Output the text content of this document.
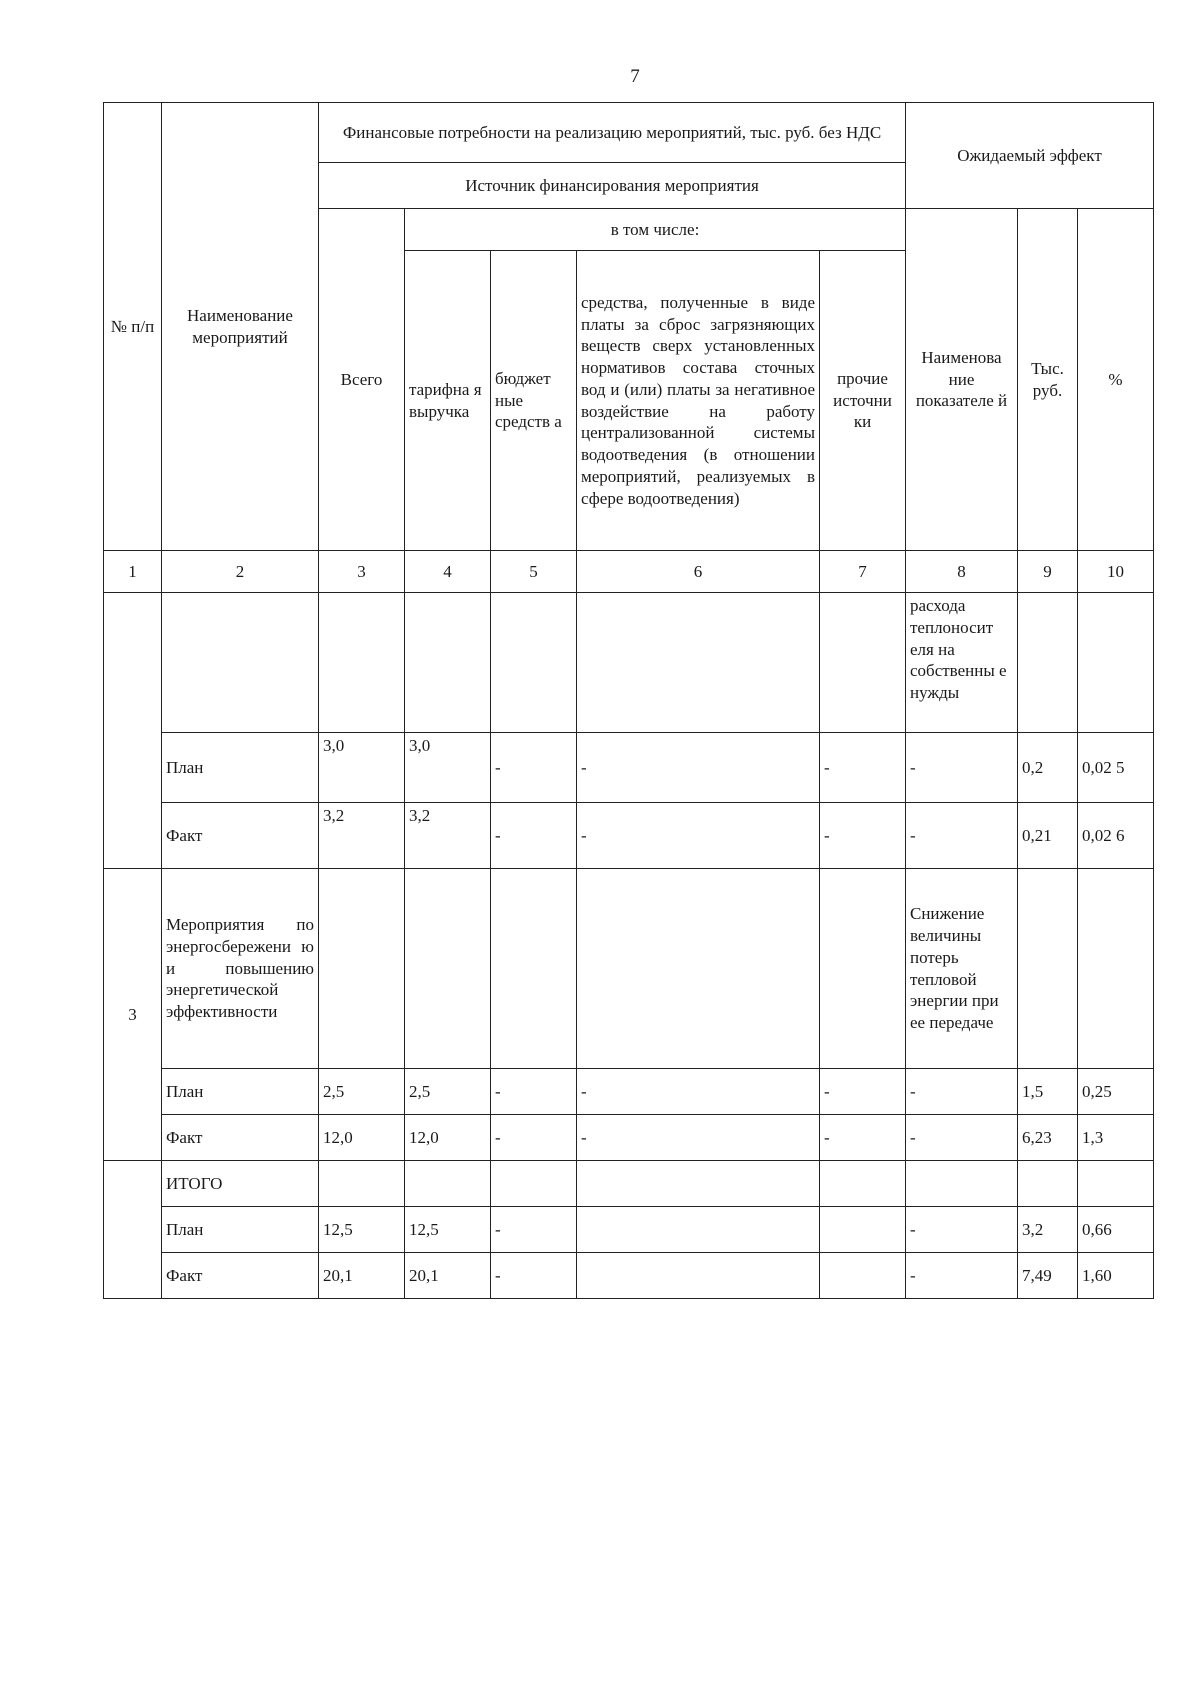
7
№ п/п	Наименование мероприятий	Финансовые потребности на реализацию мероприятий, тыс. руб. без НДС					Ожидаемый эффект		
		Источник финансирования мероприятия							
		Всего	в том числе:				Наименова ние показателе й	Тыс. руб.	%
			тарифна я выручка	бюджет ные средств а	средства, полученные в виде платы за сброс загрязняющих веществ сверх установленных нормативов состава сточных вод и (или) платы за негативное воздействие на работу централизованной системы водоотведения (в отношении мероприятий, реализуемых в сфере водоотведения)	прочие источни ки			

1	2	3	4	5	6	7	8	9	10
							расхода теплоносит еля на собственны е нужды		
	План	3,0	3,0	-	-	-	-	0,2	0,02 5
	Факт	3,2	3,2	-	-	-	-	0,21	0,02 6
3	Мероприятия по энергосбережени ю и повышению энергетической эффективности						Снижение величины потерь тепловой энергии при ее передаче		
	План	2,5	2,5	-	-	-	-	1,5	0,25
	Факт	12,0	12,0	-	-	-	-	6,23	1,3
	ИТОГО								
	План	12,5	12,5	-			-	3,2	0,66
	Факт	20,1	20,1	-			-	7,49	1,60
